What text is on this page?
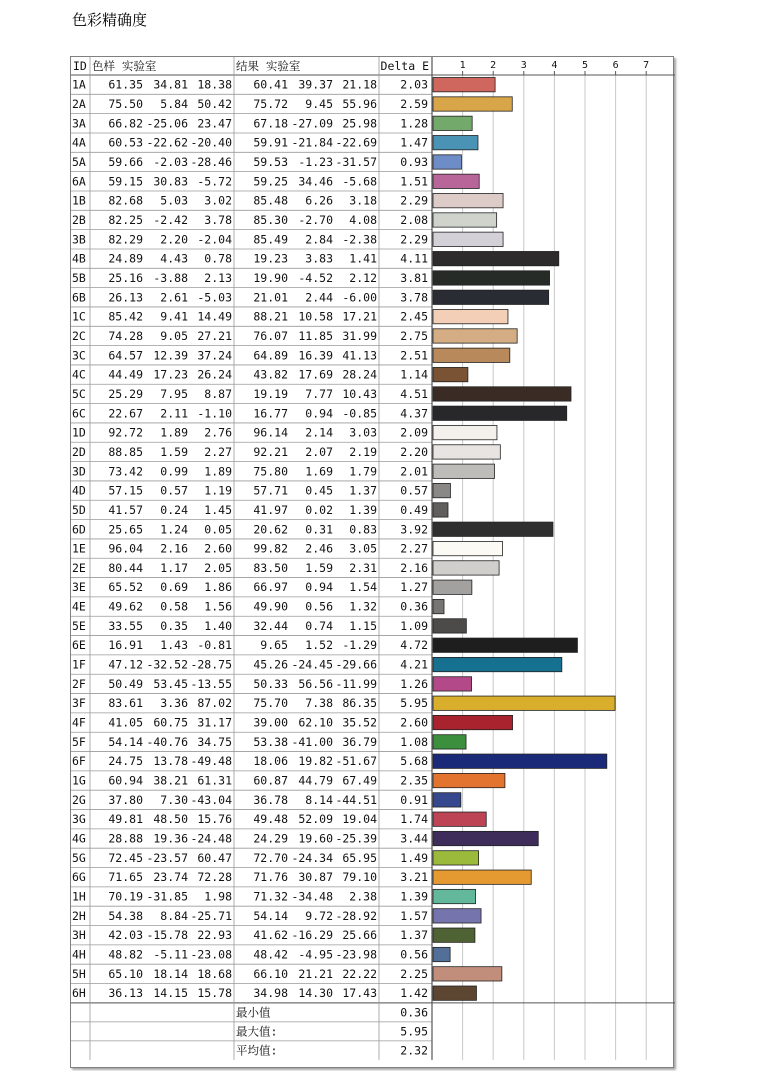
色彩精确度
1 2 3 4 5 6 7
ID 色样 实验室	结果 实验室	Delta E
1A 61.35 34.81 18.38 60.41 39.37 21.18 2.03
2A 75.50 5.84 50.42 75.72 9.45 55.96 2.59
3A 66.82 -25.06 23.47 67.18 -27.09 25.98 1.28
4A 60.53 -22.62 -20.40 59.91 -21.84 -22.69 1.47
5A 59.66 -2.03 -28.46 59.53 -1.23 -31.57 0.93
6A 59.15 30.83 -5.72 59.25 34.46 -5.68 1.51
1B 82.68 5.03 3.02 85.48 6.26 3.18 2.29
2B 82.25 -2.42 3.78 85.30 -2.70 4.08 2.08
3B 82.29 2.20 -2.04 85.49 2.84 -2.38 2.29
4B 24.89 4.43 0.78 19.23 3.83 1.41 4.11
5B 25.16 -3.88 2.13 19.90 -4.52 2.12 3.81
6B 26.13 2.61 -5.03 21.01 2.44 -6.00 3.78
1C 85.42 9.41 14.49 88.21 10.58 17.21 2.45
2C 74.28 9.05 27.21 76.07 11.85 31.99 2.75
3C 64.57 12.39 37.24 64.89 16.39 41.13 2.51
4C 44.49 17.23 26.24 43.82 17.69 28.24 1.14
5C 25.29 7.95 8.87 19.19 7.77 10.43 4.51
6C 22.67 2.11 -1.10 16.77 0.94 -0.85 4.37
1D 92.72 1.89 2.76 96.14 2.14 3.03 2.09
2D 88.85 1.59 2.27 92.21 2.07 2.19 2.20
3D 73.42 0.99 1.89 75.80 1.69 1.79 2.01
4D 57.15 0.57 1.19 57.71 0.45 1.37 0.57
5D 41.57 0.24 1.45 41.97 0.02 1.39 0.49
6D 25.65 1.24 0.05 20.62 0.31 0.83 3.92
1E 96.04 2.16 2.60 99.82 2.46 3.05 2.27
2E 80.44 1.17 2.05 83.50 1.59 2.31 2.16
3E 65.52 0.69 1.86 66.97 0.94 1.54 1.27
4E 49.62 0.58 1.56 49.90 0.56 1.32 0.36
5E 33.55 0.35 1.40 32.44 0.74 1.15 1.09
6E 16.91 1.43 -0.81 9.65 1.52 -1.29 4.72
1F 47.12 -32.52 -28.75 45.26 -24.45 -29.66 4.21
2F 50.49 53.45 -13.55 50.33 56.56 -11.99 1.26
3F 83.61 3.36 87.02 75.70 7.38 86.35 5.95
4F 41.05 60.75 31.17 39.00 62.10 35.52 2.60
5F 54.14 -40.76 34.75 53.38 -41.00 36.79 1.08
6F 24.75 13.78 -49.48 18.06 19.82 -51.67 5.68
1G 60.94 38.21 61.31 60.87 44.79 67.49 2.35
2G 37.80 7.30 -43.04 36.78 8.14 -44.51 0.91
3G 49.81 48.50 15.76 49.48 52.09 19.04 1.74
4G 28.88 19.36 -24.48 24.29 19.60 -25.39 3.44
5G 72.45 -23.57 60.47 72.70 -24.34 65.95 1.49
6G 71.65 23.74 72.28 71.76 30.87 79.10 3.21
1H 70.19 -31.85 1.98 71.32 -34.48 2.38 1.39
2H 54.38 8.84 -25.71 54.14 9.72 -28.92 1.57
3H 42.03 -15.78 22.93 41.62 -16.29 25.66 1.37
4H 48.82 -5.11 -23.08 48.42 -4.95 -23.98 0.56
5H 65.10 18.14 18.68 66.10 21.21 22.22 2.25
6H 36.13 14.15 15.78 34.98 14.30 17.43 1.42
最小值	0.36
最大值:	5.95
平均值:	2.32
